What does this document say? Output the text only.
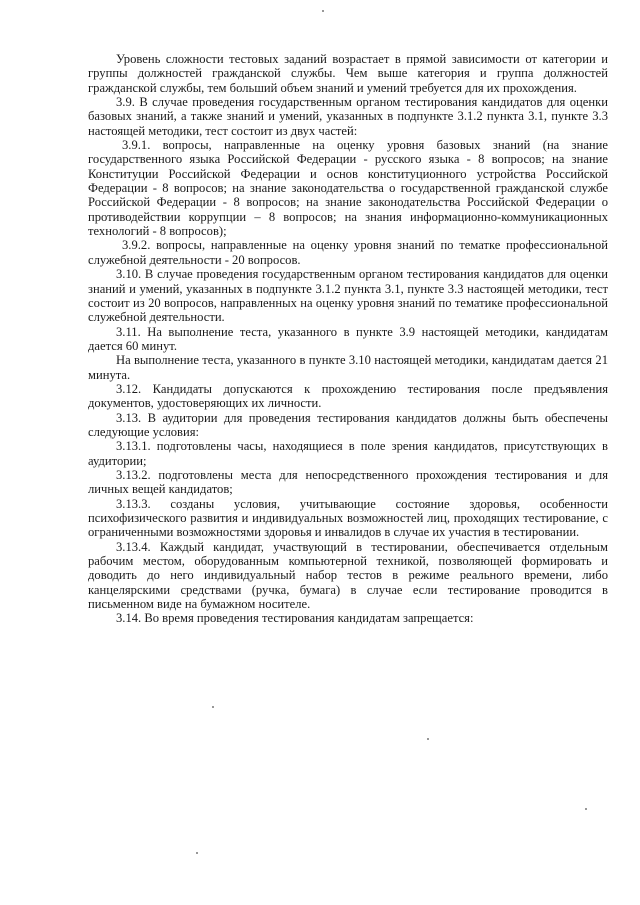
Уровень сложности тестовых заданий возрастает в прямой зависимости от категории и группы должностей гражданской службы. Чем выше категория и группа должностей гражданской службы, тем больший объем знаний и умений требуется для их прохождения.

3.9. В случае проведения государственным органом тестирования кандидатов для оценки базовых знаний, а также знаний и умений, указанных в подпункте 3.1.2 пункта 3.1, пункте 3.3 настоящей методики, тест состоит из двух частей:

3.9.1. вопросы, направленные на оценку уровня базовых знаний (на знание государственного языка Российской Федерации - русского языка - 8 вопросов; на знание Конституции Российской Федерации и основ конституционного устройства Российской Федерации - 8 вопросов; на знание законодательства о государственной гражданской службе Российской Федерации - 8 вопросов; на знание законодательства Российской Федерации о противодействии коррупции – 8 вопросов; на знания информационно-коммуникационных технологий - 8 вопросов);

3.9.2. вопросы, направленные на оценку уровня знаний по тематке профессиональной служебной деятельности - 20 вопросов.

3.10. В случае проведения государственным органом тестирования кандидатов для оценки знаний и умений, указанных в подпункте 3.1.2 пункта 3.1, пункте 3.3 настоящей методики, тест состоит из 20 вопросов, направленных на оценку уровня знаний по тематике профессиональной служебной деятельности.

3.11. На выполнение теста, указанного в пункте 3.9 настоящей методики, кандидатам дается 60 минут.

На выполнение теста, указанного в пункте 3.10 настоящей методики, кандидатам дается 21 минута.

3.12. Кандидаты допускаются к прохождению тестирования после предъявления документов, удостоверяющих их личности.

3.13. В аудитории для проведения тестирования кандидатов должны быть обеспечены следующие условия:

3.13.1. подготовлены часы, находящиеся в поле зрения кандидатов, присутствующих в аудитории;

3.13.2. подготовлены места для непосредственного прохождения тестирования и для личных вещей кандидатов;

3.13.3. созданы условия, учитывающие состояние здоровья, особенности психофизического развития и индивидуальных возможностей лиц, проходящих тестирование, с ограниченными возможностями здоровья и инвалидов в случае их участия в тестировании.

3.13.4. Каждый кандидат, участвующий в тестировании, обеспечивается отдельным рабочим местом, оборудованным компьютерной техникой, позволяющей формировать и доводить до него индивидуальный набор тестов в режиме реального времени, либо канцелярскими средствами (ручка, бумага) в случае если тестирование проводится в письменном виде на бумажном носителе.

3.14. Во время проведения тестирования кандидатам запрещается:
